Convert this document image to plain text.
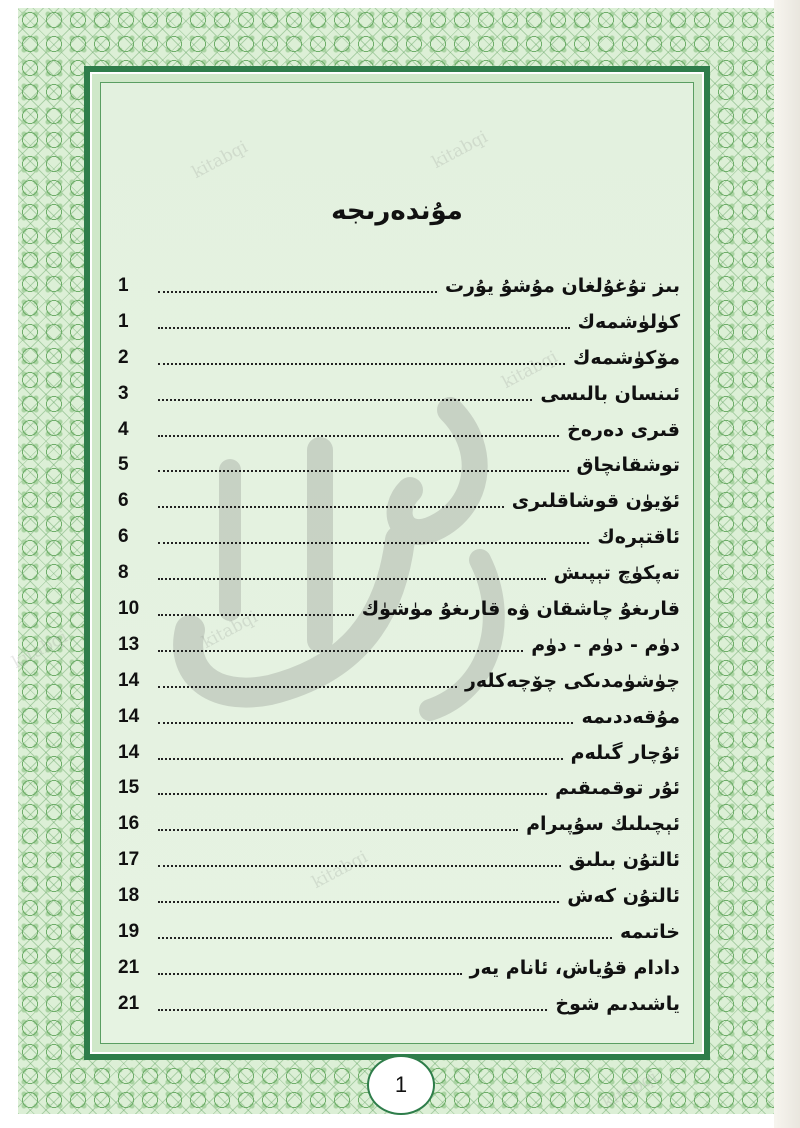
مۇندەرىجە
بىز تۇغۇلغان مۇشۇ يۇرت
1
كۈلۈشمەك
1
مۆكۈشمەك
2
ئىنسان بالىسى
3
قىرى دەرەخ
4
توشقانچاق
5
ئۆيۈن قوشاقلىرى
6
ئاقتېرەك
6
تەپكۈچ تېپىش
8
قارىغۇ چاشقان ۋە قارىغۇ مۈشۈك
10
دۈم - دۈم - دۈم
13
چۈشۈمدىكى چۆچەكلەر
14
مۇقەددىمە
14
ئۇچار گىلەم
14
ئۇر توقمىقىم
15
ئېچىلىك سۇپىرام
16
ئالتۇن بىلىق
17
ئالتۇن كەش
18
خاتىمە
19
دادام قۇياش، ئانام يەر
21
ياشىدىم شوخ
21
1
